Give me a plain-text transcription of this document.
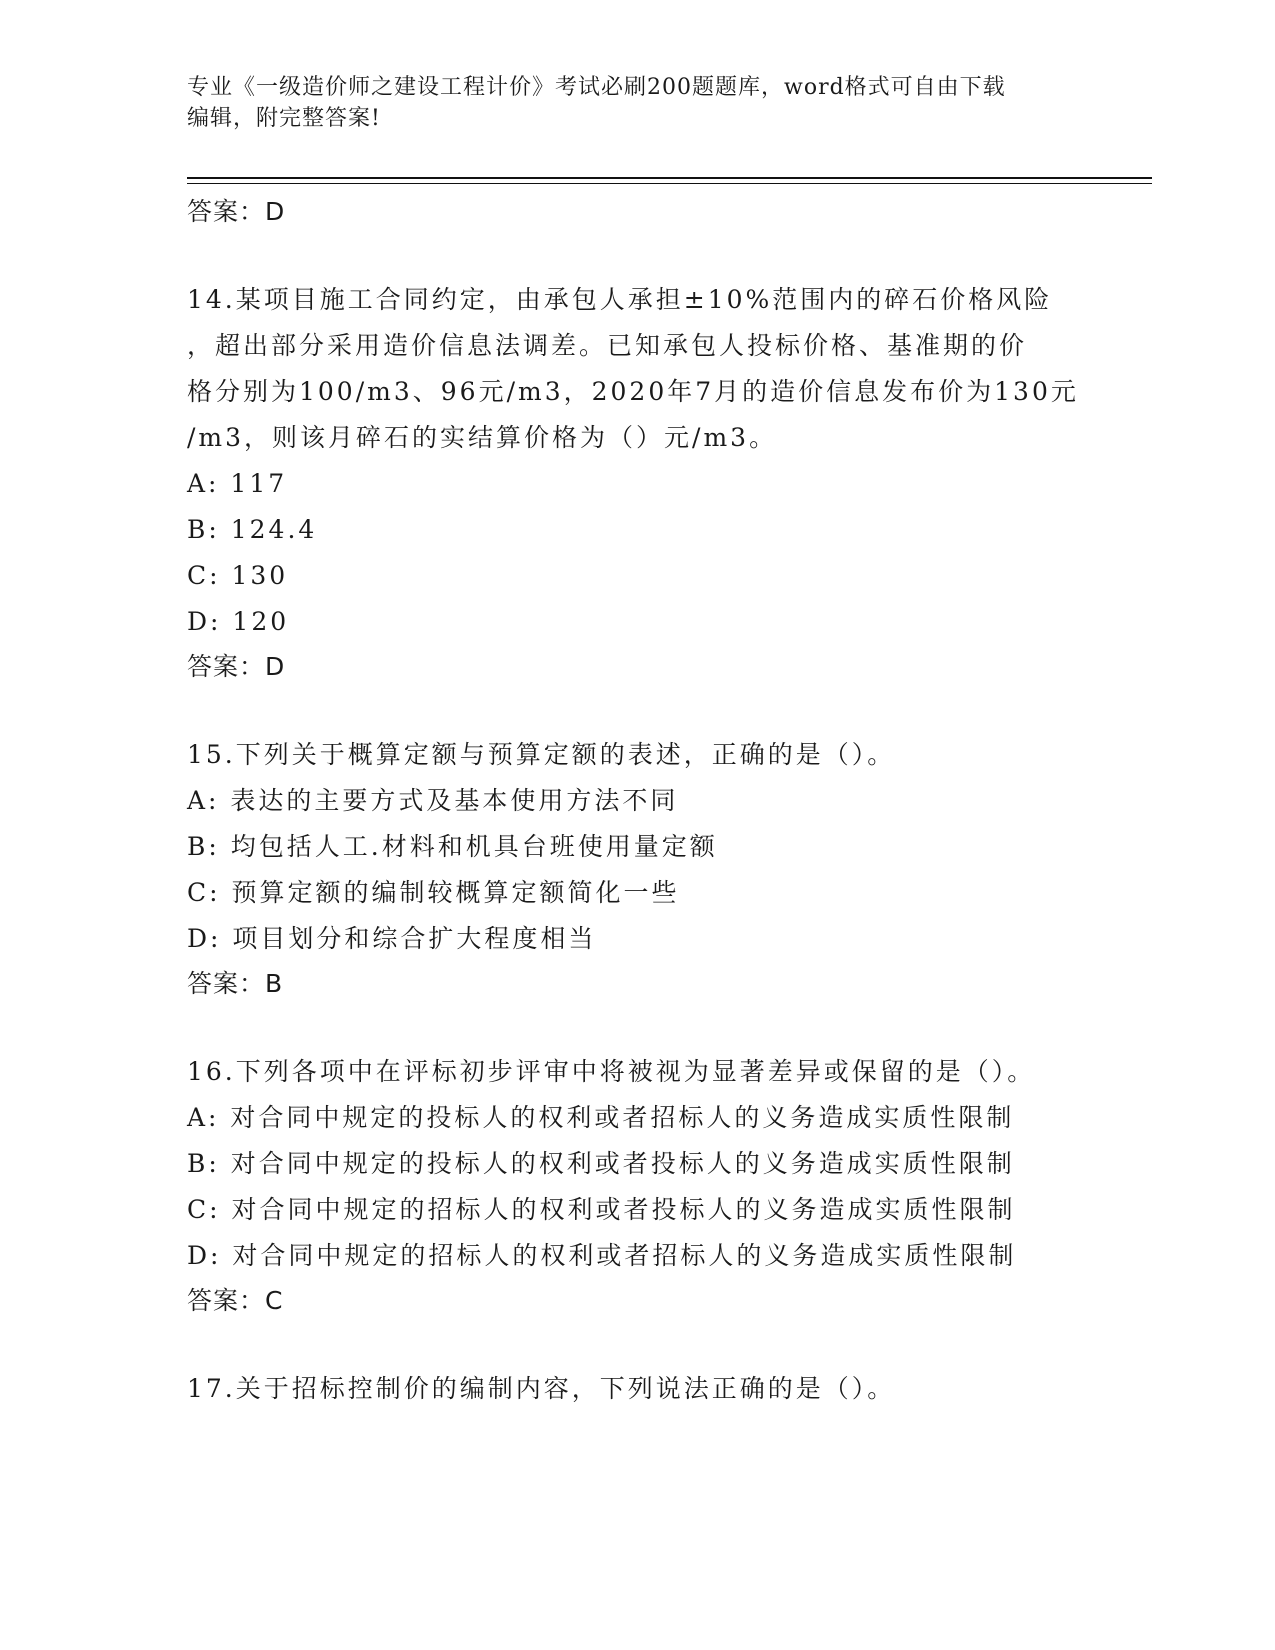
专业《一级造价师之建设工程计价》考试必刷200题题库，word格式可自由下载
编辑，附完整答案!
答案：D
14.某项目施工合同约定，由承包人承担±10%范围内的碎石价格风险
，超出部分采用造价信息法调差。已知承包人投标价格、基准期的价
格分别为100/m3、96元/m3，2020年7月的造价信息发布价为130元
/m3，则该月碎石的实结算价格为（）元/m3。
A: 117
B: 124.4
C: 130
D: 120
答案：D
15.下列关于概算定额与预算定额的表述，正确的是（）。
A: 表达的主要方式及基本使用方法不同
B: 均包括人工.材料和机具台班使用量定额
C: 预算定额的编制较概算定额简化一些
D: 项目划分和综合扩大程度相当
答案：B
16.下列各项中在评标初步评审中将被视为显著差异或保留的是（）。
A: 对合同中规定的投标人的权利或者招标人的义务造成实质性限制
B: 对合同中规定的投标人的权利或者投标人的义务造成实质性限制
C: 对合同中规定的招标人的权利或者投标人的义务造成实质性限制
D: 对合同中规定的招标人的权利或者招标人的义务造成实质性限制
答案：C
17.关于招标控制价的编制内容，下列说法正确的是（）。
